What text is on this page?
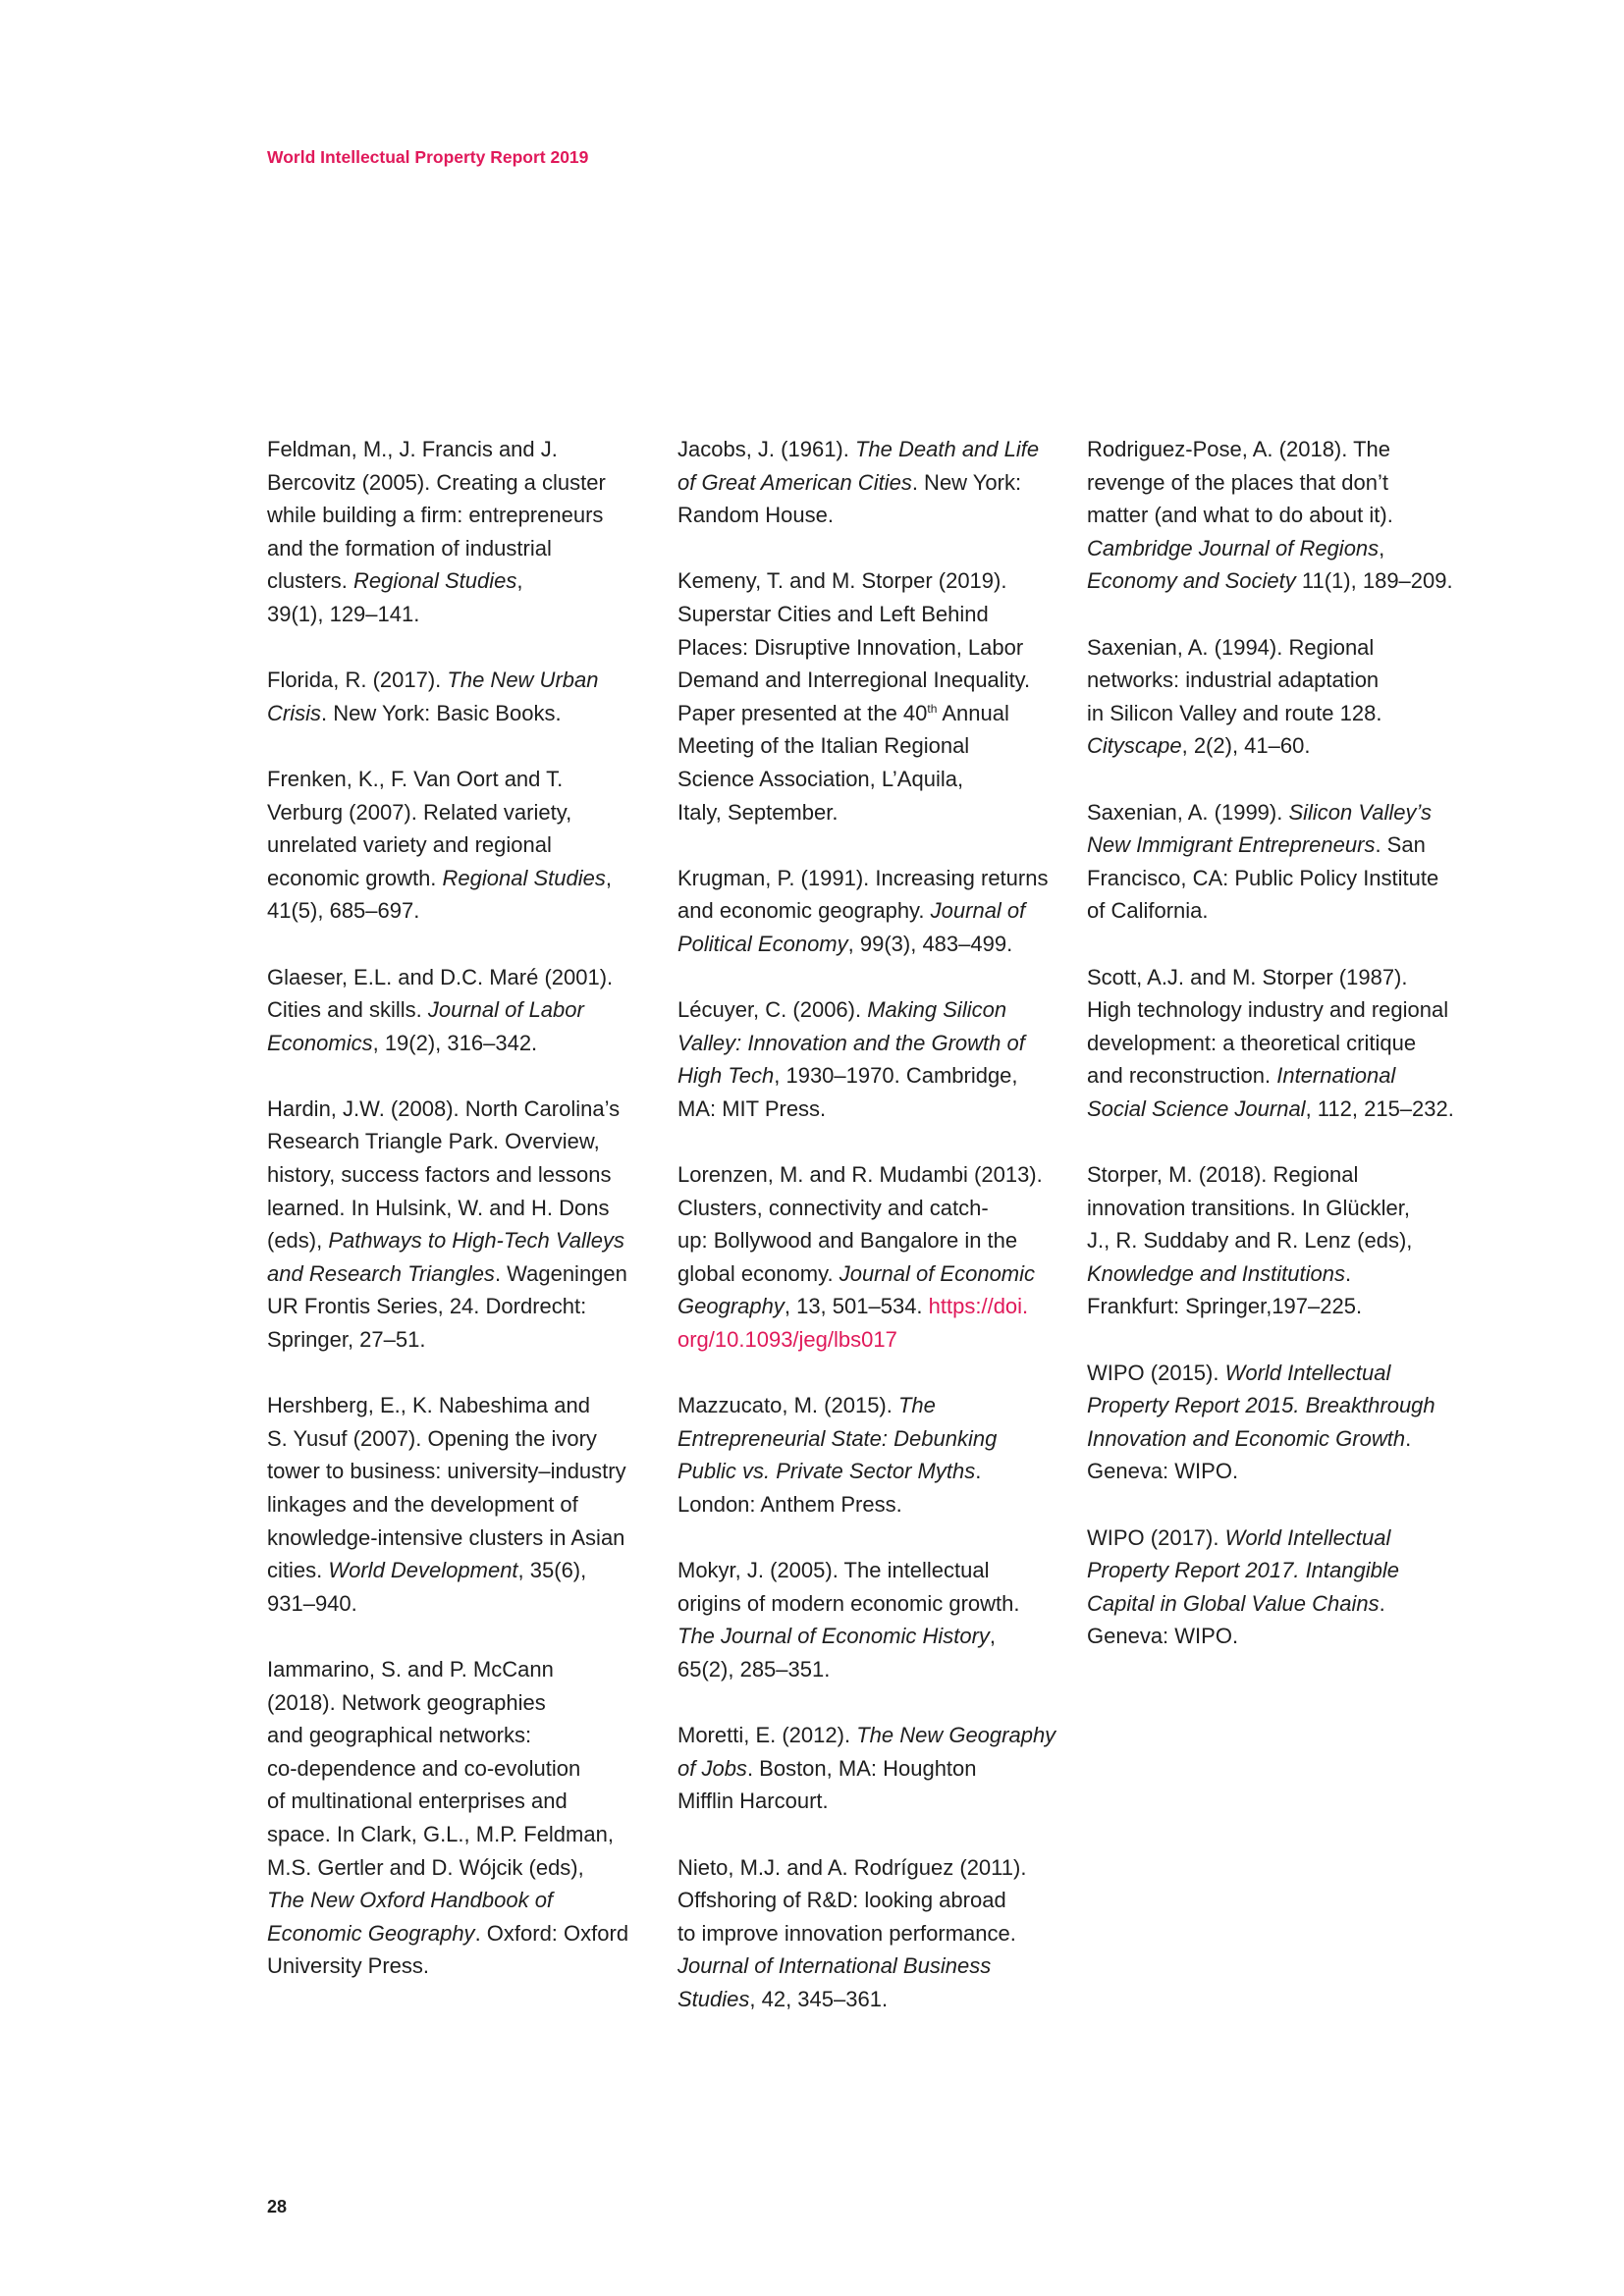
World Intellectual Property Report 2019
Feldman, M., J. Francis and J.
Bercovitz (2005). Creating a cluster
while building a firm: entrepreneurs
and the formation of industrial
clusters. Regional Studies,
39(1), 129–141.
Florida, R. (2017). The New Urban
Crisis. New York: Basic Books.
Frenken, K., F. Van Oort and T.
Verburg (2007). Related variety,
unrelated variety and regional
economic growth. Regional Studies,
41(5), 685–697.
Glaeser, E.L. and D.C. Maré (2001).
Cities and skills. Journal of Labor
Economics, 19(2), 316–342.
Hardin, J.W. (2008). North Carolina’s
Research Triangle Park. Overview,
history, success factors and lessons
learned. In Hulsink, W. and H. Dons
(eds), Pathways to High-Tech Valleys
and Research Triangles. Wageningen
UR Frontis Series, 24. Dordrecht:
Springer, 27–51.
Hershberg, E., K. Nabeshima and
S. Yusuf (2007). Opening the ivory
tower to business: university–industry
linkages and the development of
knowledge-intensive clusters in Asian
cities. World Development, 35(6),
931–940.
Iammarino, S. and P. McCann
(2018). Network geographies
and geographical networks:
co-dependence and co-evolution
of multinational enterprises and
space. In Clark, G.L., M.P. Feldman,
M.S. Gertler and D. Wójcik (eds),
The New Oxford Handbook of
Economic Geography. Oxford: Oxford
University Press.
Jacobs, J. (1961). The Death and Life
of Great American Cities. New York:
Random House.
Kemeny, T. and M. Storper (2019).
Superstar Cities and Left Behind
Places: Disruptive Innovation, Labor
Demand and Interregional Inequality.
Paper presented at the 40th Annual
Meeting of the Italian Regional
Science Association, L’Aquila,
Italy, September.
Krugman, P. (1991). Increasing returns
and economic geography. Journal of
Political Economy, 99(3), 483–499.
Lécuyer, C. (2006). Making Silicon
Valley: Innovation and the Growth of
High Tech, 1930–1970. Cambridge,
MA: MIT Press.
Lorenzen, M. and R. Mudambi (2013).
Clusters, connectivity and catch-
up: Bollywood and Bangalore in the
global economy. Journal of Economic
Geography, 13, 501–534. https://doi.
org/10.1093/jeg/lbs017
Mazzucato, M. (2015). The
Entrepreneurial State: Debunking
Public vs. Private Sector Myths.
London: Anthem Press.
Mokyr, J. (2005). The intellectual
origins of modern economic growth.
The Journal of Economic History,
65(2), 285–351.
Moretti, E. (2012). The New Geography
of Jobs. Boston, MA: Houghton
Mifflin Harcourt.
Nieto, M.J. and A. Rodríguez (2011).
Offshoring of R&D: looking abroad
to improve innovation performance.
Journal of International Business
Studies, 42, 345–361.
Rodriguez-Pose, A. (2018). The
revenge of the places that don’t
matter (and what to do about it).
Cambridge Journal of Regions,
Economy and Society 11(1), 189–209.
Saxenian, A. (1994). Regional
networks: industrial adaptation
in Silicon Valley and route 128.
Cityscape, 2(2), 41–60.
Saxenian, A. (1999). Silicon Valley’s
New Immigrant Entrepreneurs. San
Francisco, CA: Public Policy Institute
of California.
Scott, A.J. and M. Storper (1987).
High technology industry and regional
development: a theoretical critique
and reconstruction. International
Social Science Journal, 112, 215–232.
Storper, M. (2018). Regional
innovation transitions. In Glückler,
J., R. Suddaby and R. Lenz (eds),
Knowledge and Institutions.
Frankfurt: Springer,197–225.
WIPO (2015). World Intellectual
Property Report 2015. Breakthrough
Innovation and Economic Growth.
Geneva: WIPO.
WIPO (2017). World Intellectual
Property Report 2017. Intangible
Capital in Global Value Chains.
Geneva: WIPO.
28
